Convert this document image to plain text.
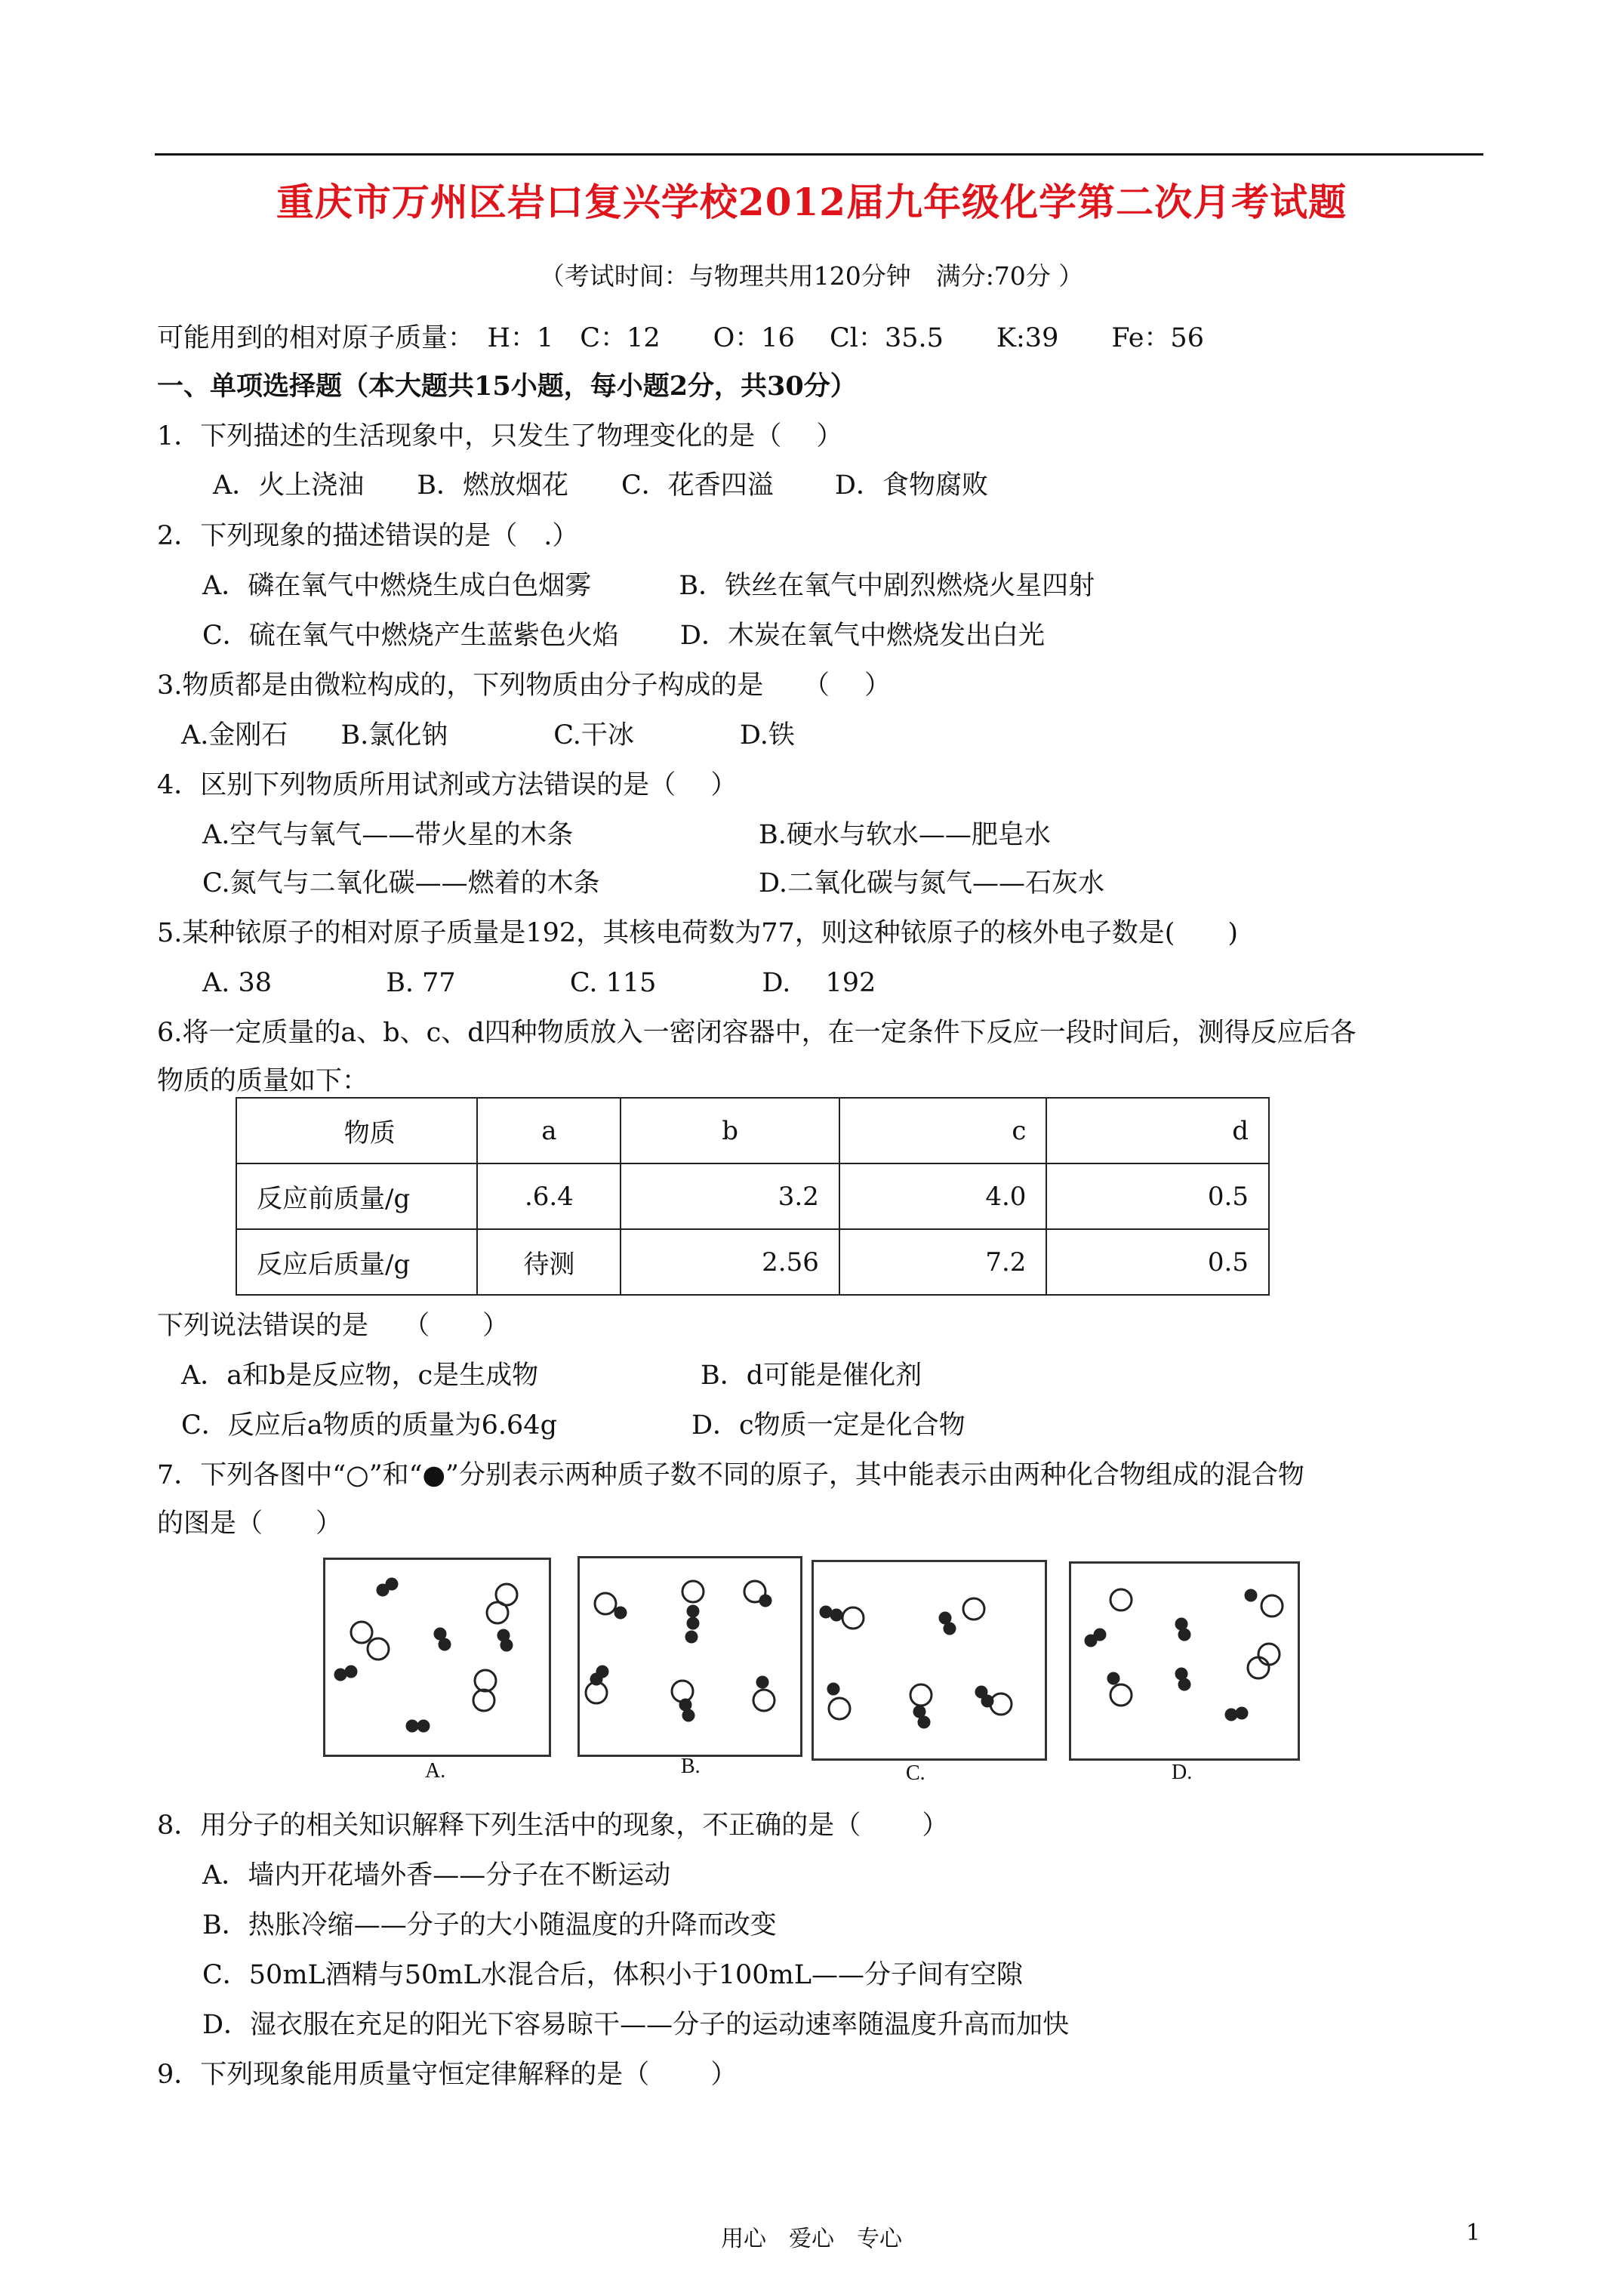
重庆市万州区岩口复兴学校2012届九年级化学第二次月考试题
（考试时间：与物理共用120分钟　满分:70分 ）
可能用到的相对原子质量：　H：1　C：12　　O：16　 Cl：35.5　　K:39　　Fe：56
一、单项选择题（本大题共15小题，每小题2分，共30分）
1．下列描述的生活现象中，只发生了物理变化的是（　 ）
A．火上浇油　　B．燃放烟花　　C．花香四溢　　 D．食物腐败
2．下列现象的描述错误的是（　.）
A．磷在氧气中燃烧生成白色烟雾　　　 B．铁丝在氧气中剧烈燃烧火星四射
C．硫在氧气中燃烧产生蓝紫色火焰　　 D．木炭在氧气中燃烧发出白光
3.物质都是由微粒构成的，下列物质由分子构成的是　　（　 ）
A.金刚石　　B.氯化钠　　　　C.干冰　　　　D.铁
4．区别下列物质所用试剂或方法错误的是（　 ）
A.空气与氧气——带火星的木条	B.硬水与软水——肥皂水
C.氮气与二氧化碳——燃着的木条	D.二氧化碳与氮气——石灰水
5.某种铱原子的相对原子质量是192，其核电荷数为77，则这种铱原子的核外电子数是(　　)
A. 38　　　　 B. 77　　　　 C. 115　　　　D.　 192
6.将一定质量的a、b、c、d四种物质放入一密闭容器中，在一定条件下反应一段时间后，测得反应后各
物质的质量如下：
物质	a	b	c	d
反应前质量/g	.6.4	3.2	4.0	0.5
反应后质量/g	待测	2.56	7.2	0.5
下列说法错误的是　 （　　）
A．a和b是反应物，c是生成物	B．d可能是催化剂
C．反应后a物质的质量为6.64g	D．c物质一定是化合物
7．下列各图中“○”和“●”分别表示两种质子数不同的原子，其中能表示由两种化合物组成的混合物
的图是（　　）
A.	B.	C.	D.
8．用分子的相关知识解释下列生活中的现象，不正确的是（　　 ）
A．墙内开花墙外香——分子在不断运动
B．热胀冷缩——分子的大小随温度的升降而改变
C．50mL酒精与50mL水混合后，体积小于100mL——分子间有空隙
D．湿衣服在充足的阳光下容易晾干——分子的运动速率随温度升高而加快
9．下列现象能用质量守恒定律解释的是（　　 ）
用心　爱心　专心	1
